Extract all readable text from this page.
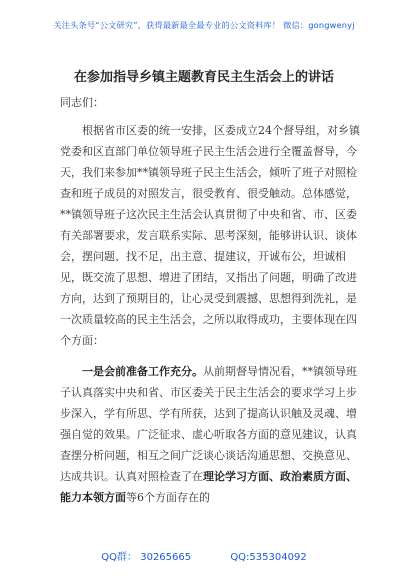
关注头条号“公文研究”，获得最新最全最专业的公文资料库！ 微信：gongwenyj
在参加指导乡镇主题教育民主生活会上的讲话
同志们：

根据省市区委的统一安排，区委成立24个督导组，对乡镇党委和区直部门单位领导班子民主生活会进行全覆盖督导，今天，我们来参加**镇领导班子民主生活会，倾听了班子对照检查和班子成员的对照发言，很受教育、很受触动。总体感觉，**镇领导班子这次民主生活会认真贯彻了中央和省、市、区委有关部署要求，发言联系实际、思考深刻，能够讲认识、谈体会，摆问题、找不足，出主意、提建议，开诚布公，坦诚相见，既交流了思想、增进了团结，又指出了问题，明确了改进方向，达到了预期目的，让心灵受到震撼、思想得到洗礼，是一次质量较高的民主生活会，之所以取得成功，主要体现在四个方面：

一是会前准备工作充分。从前期督导情况看，**镇领导班子认真落实中央和省、市区委关于民主生活会的要求学习上步步深入，学有所思、学有所获，达到了提高认识触及灵魂、增强自觉的效果。广泛征求、虚心听取各方面的意见建议，认真查摆分析问题，相互之间广泛谈心谈话沟通思想、交换意见、达成共识。认真对照检查了在理论学习方面、政治素质方面、能力本领方面等6个方面存在的

QQ群： 30265665	QQ:535304092
